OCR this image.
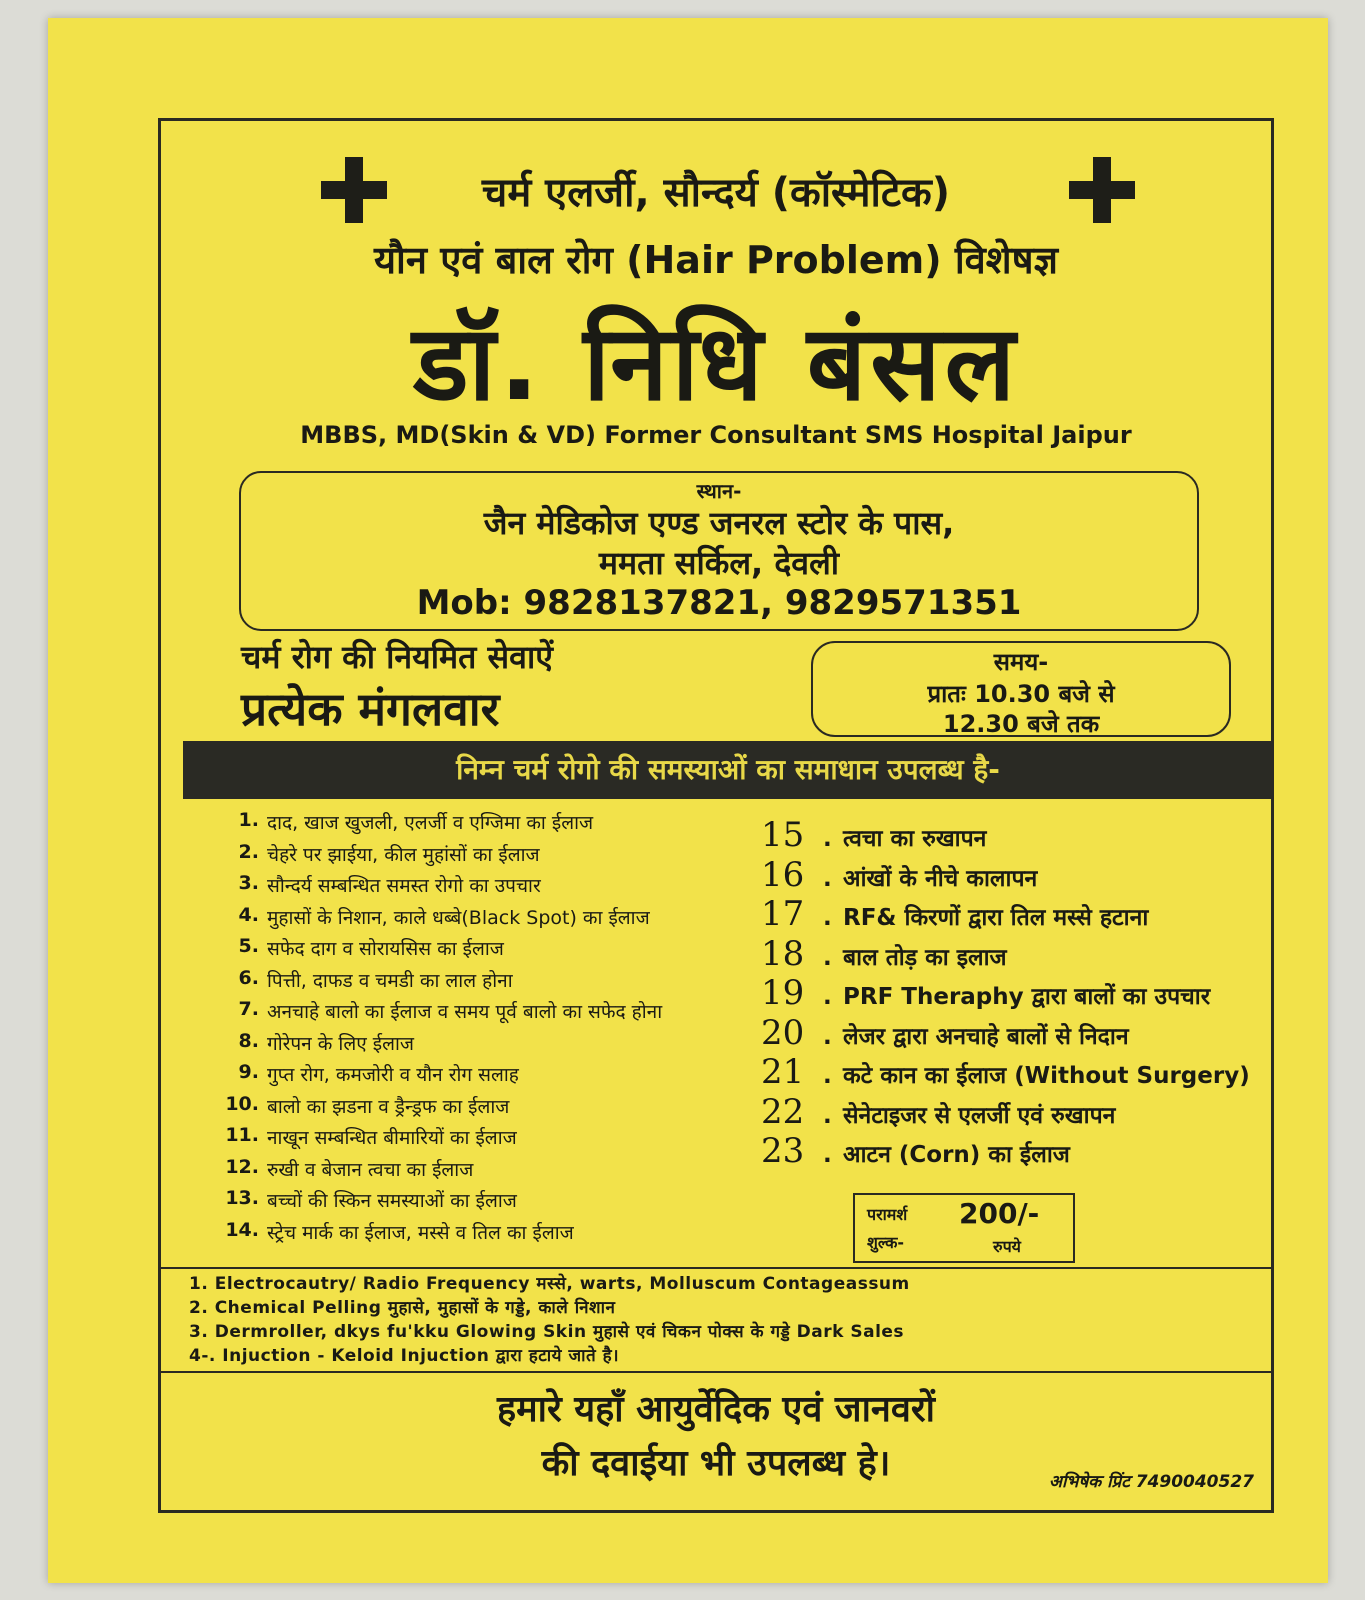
चर्म एलर्जी, सौन्दर्य (कॉस्मेटिक)
यौन एवं बाल रोग (Hair Problem) विशेषज्ञ
डॉ. निधि बंसल
MBBS, MD(Skin & VD) Former Consultant SMS Hospital Jaipur
स्थान-
जैन मेडिकोज एण्ड जनरल स्टोर के पास,
ममता सर्किल, देवली
Mob: 9828137821, 9829571351
चर्म रोग की नियमित सेवाऐं
प्रत्येक मंगलवार
समय-
प्रातः 10.30 बजे से
12.30 बजे तक
निम्न चर्म रोगो की समस्याओं का समाधान उपलब्ध है-
1. दाद, खाज खुजली, एलर्जी व एग्जिमा का ईलाज
2. चेहरे पर झाईया, कील मुहांसों का ईलाज
3. सौन्दर्य सम्बन्धित समस्त रोगो का उपचार
4. मुहासों के निशान, काले धब्बे(Black Spot) का ईलाज
5. सफेद दाग व सोरायसिस का ईलाज
6. पित्ती, दाफड व चमडी का लाल होना
7. अनचाहे बालो का ईलाज व समय पूर्व बालो का सफेद होना
8. गोरेपन के लिए ईलाज
9. गुप्त रोग, कमजोरी व यौन रोग सलाह
10. बालो का झडना व ड्रैन्ड्रफ का ईलाज
11. नाखून सम्बन्धित बीमारियों का ईलाज
12. रुखी व बेजान त्वचा का ईलाज
13. बच्चों की स्किन समस्याओं का ईलाज
14. स्ट्रेच मार्क का ईलाज, मस्से व तिल का ईलाज
15 . त्वचा का रुखापन
16 . आंखों के नीचे कालापन
17 . RF& किरणों द्वारा तिल मस्से हटाना
18 . बाल तोड़ का इलाज
19 . PRF Theraphy द्वारा बालों का उपचार
20 . लेजर द्वारा अनचाहे बालों से निदान
21 . कटे कान का ईलाज (Without Surgery)
22 . सेनेटाइजर से एलर्जी एवं रुखापन
23 . आटन (Corn) का ईलाज
परामर्श
शुल्क-
200/-
रुपये
1. Electrocautry/ Radio Frequency मस्से, warts, Molluscum Contageassum
2. Chemical Pelling मुहासे, मुहासों के गड्डे, काले निशान
3. Dermroller, dkys fu'kku Glowing Skin मुहासे एवं चिकन पोक्स के गड्डे Dark Sales
4-. Injuction - Keloid Injuction द्वारा हटाये जाते है।
हमारे यहाँ आयुर्वेदिक एवं जानवरों
की दवाईया भी उपलब्ध हे।	अभिषेक प्रिंट 7490040527
